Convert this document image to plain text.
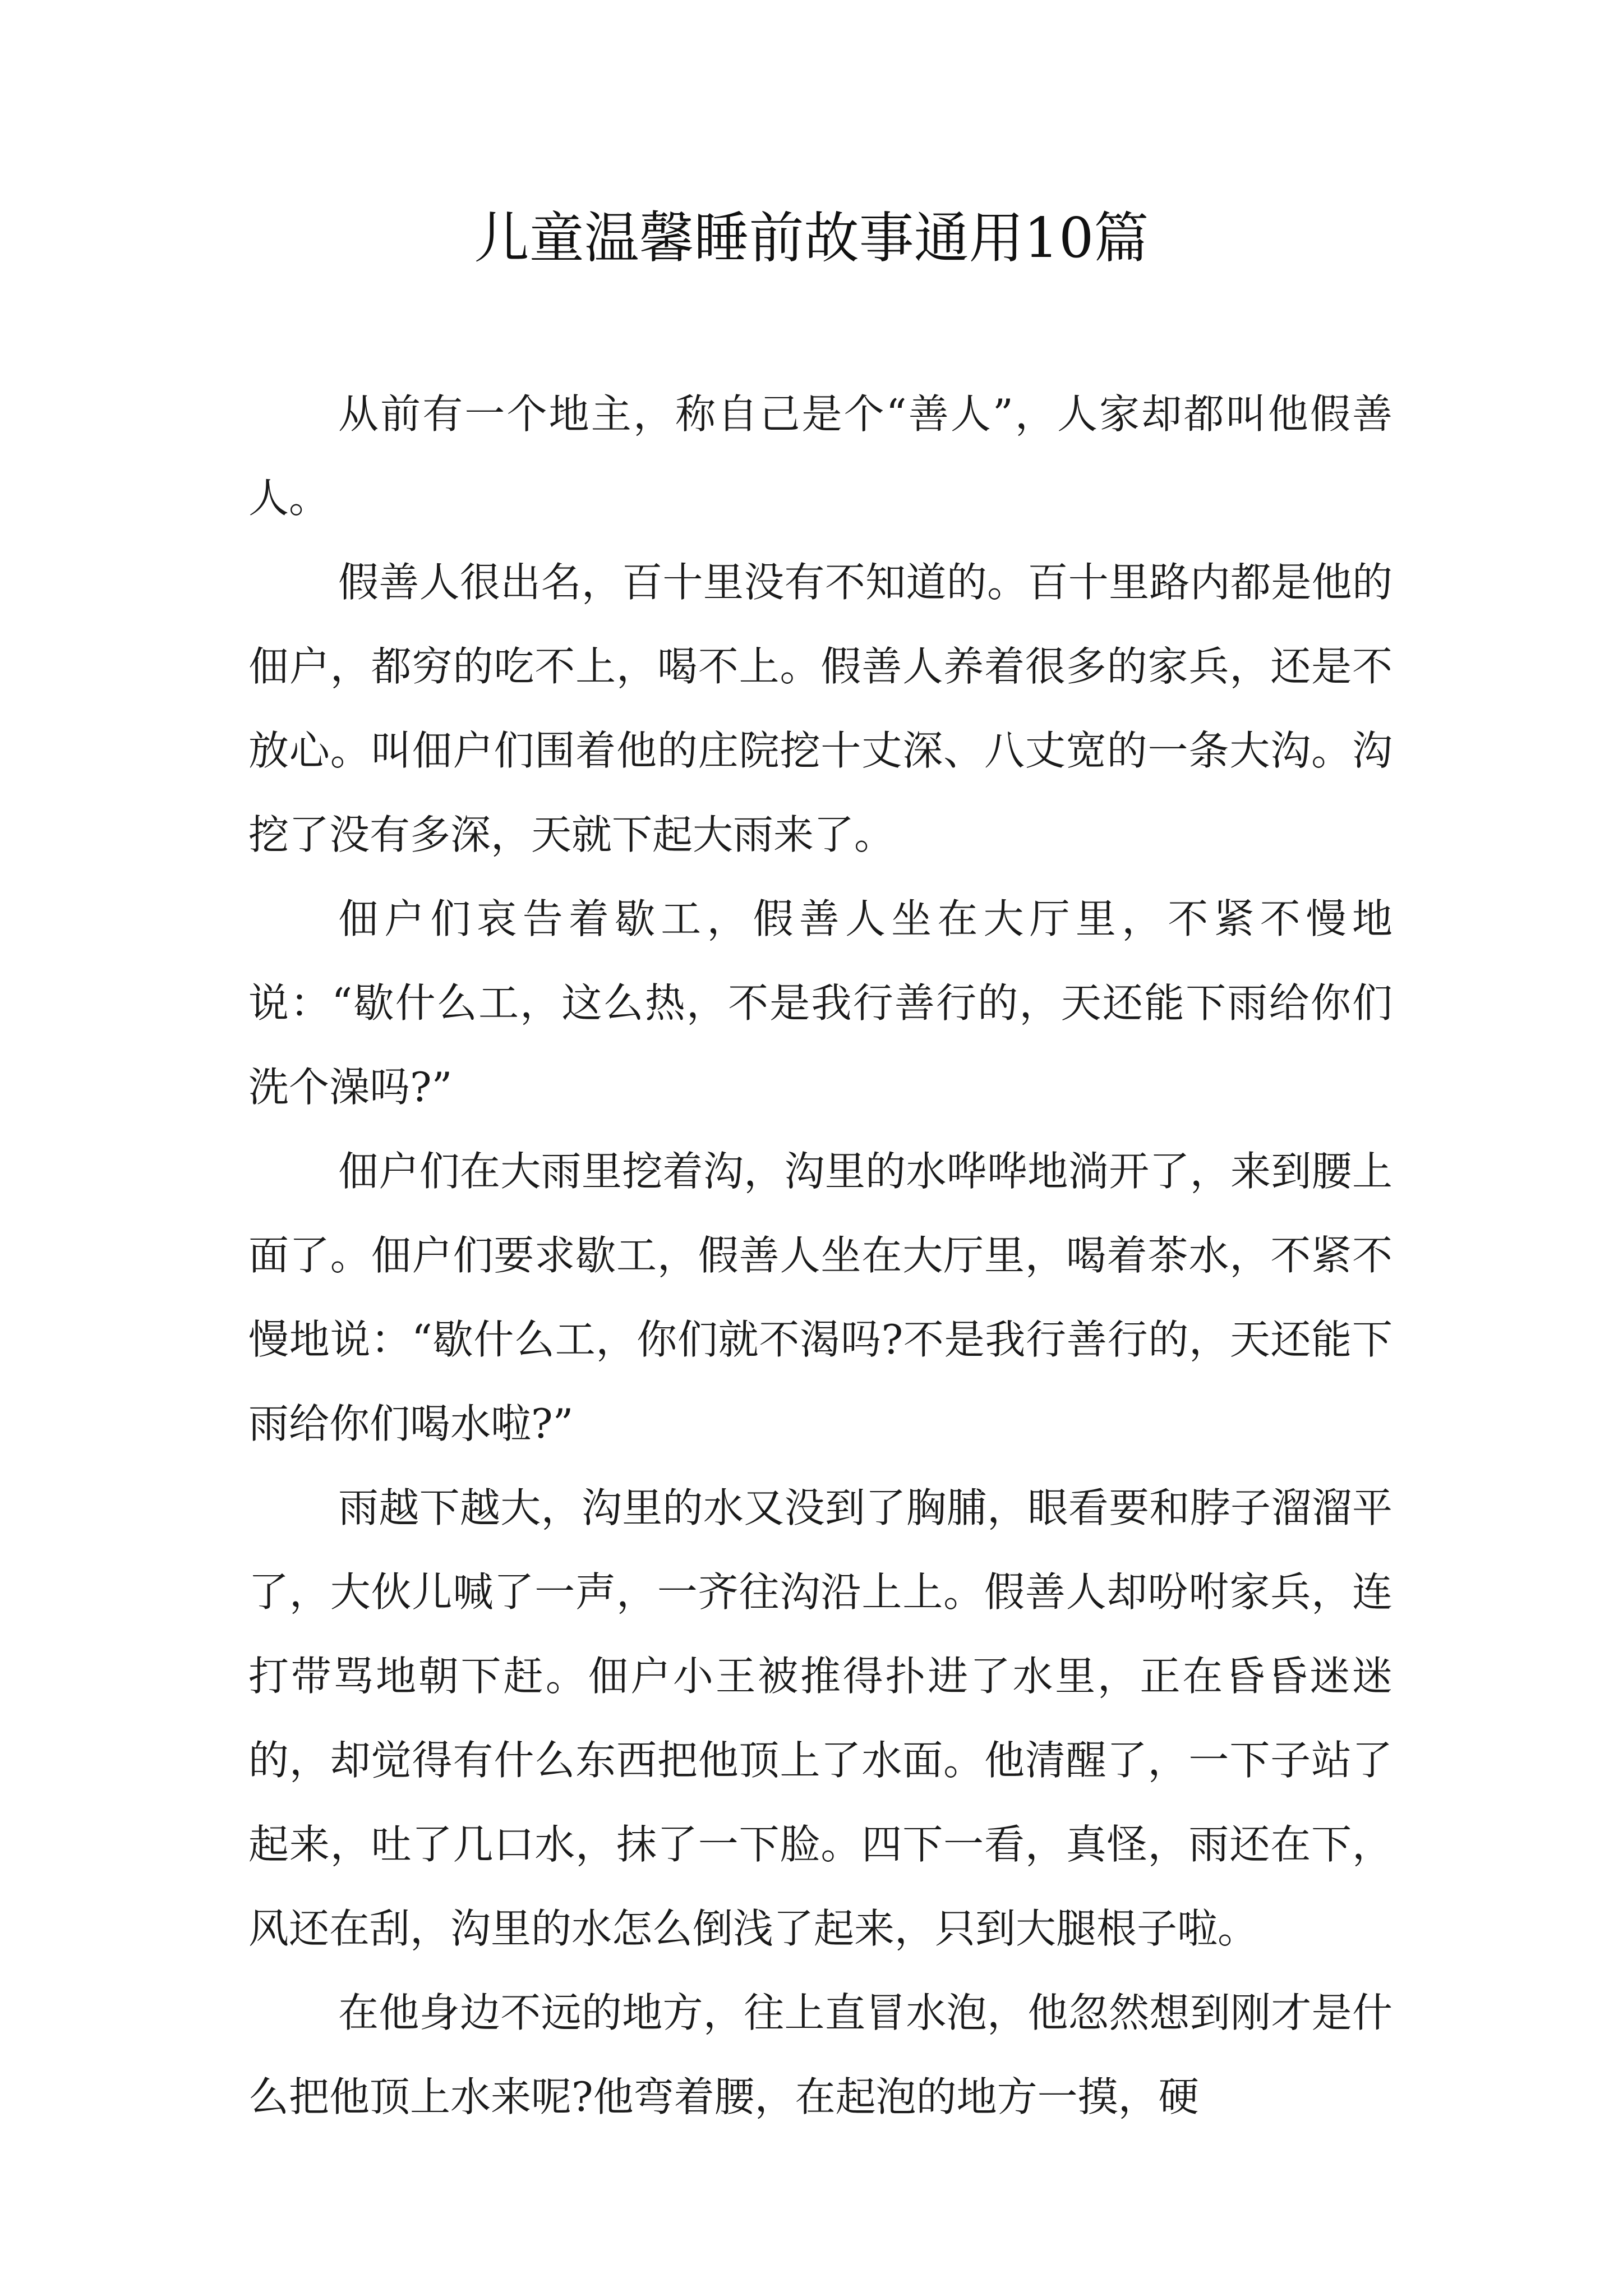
儿童温馨睡前故事通用10篇

从前有一个地主，称自己是个“善人”，人家却都叫他假善人。

假善人很出名，百十里没有不知道的。百十里路内都是他的佃户，都穷的吃不上，喝不上。假善人养着很多的家兵，还是不放心。叫佃户们围着他的庄院挖十丈深、八丈宽的一条大沟。沟挖了没有多深，天就下起大雨来了。

佃户们哀告着歇工，假善人坐在大厅里，不紧不慢地说：“歇什么工，这么热，不是我行善行的，天还能下雨给你们洗个澡吗?”

佃户们在大雨里挖着沟，沟里的水哗哗地淌开了，来到腰上面了。佃户们要求歇工，假善人坐在大厅里，喝着茶水，不紧不慢地说：“歇什么工，你们就不渴吗?不是我行善行的，天还能下雨给你们喝水啦?”

雨越下越大，沟里的水又没到了胸脯，眼看要和脖子溜溜平了，大伙儿喊了一声，一齐往沟沿上上。假善人却吩咐家兵，连打带骂地朝下赶。佃户小王被推得扑进了水里，正在昏昏迷迷的，却觉得有什么东西把他顶上了水面。他清醒了，一下子站了起来，吐了几口水，抹了一下脸。四下一看，真怪，雨还在下，风还在刮，沟里的水怎么倒浅了起来，只到大腿根子啦。

在他身边不远的地方，往上直冒水泡，他忽然想到刚才是什么把他顶上水来呢?他弯着腰，在起泡的地方一摸，硬
